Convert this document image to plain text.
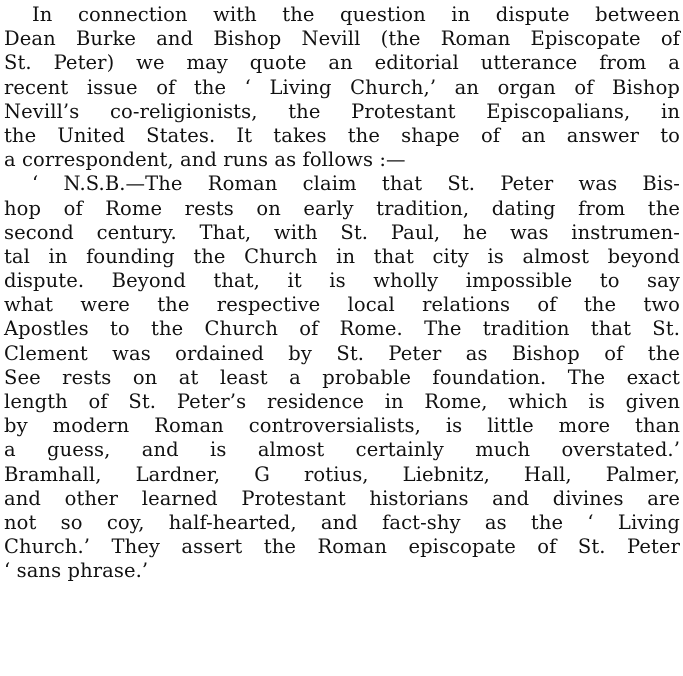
In connection with the question in dispute between
Dean Burke and Bishop Nevill (the Roman Episcopate of
St. Peter) we may quote an editorial utterance from a
recent issue of the ‘ Living Church,’ an organ of Bishop
Nevill’s co-religionists, the Protestant Episcopalians, in
the United States. It takes the shape of an answer to
a correspondent, and runs as follows :—
‘ N.S.B.—The Roman claim that St. Peter was Bis-
hop of Rome rests on early tradition, dating from the
second century. That, with St. Paul, he was instrumen-
tal in founding the Church in that city is almost beyond
dispute. Beyond that, it is wholly impossible to say
what were the respective local relations of the two
Apostles to the Church of Rome. The tradition that St.
Clement was ordained by St. Peter as Bishop of the
See rests on at least a probable foundation. The exact
length of St. Peter’s residence in Rome, which is given
by modern Roman controversialists, is little more than
a guess, and is almost certainly much overstated.’
Bramhall, Lardner, G rotius, Liebnitz, Hall, Palmer,
and other learned Protestant historians and divines are
not so coy, half-hearted, and fact-shy as the ‘ Living
Church.’ They assert the Roman episcopate of St. Peter
‘ sans phrase.’
